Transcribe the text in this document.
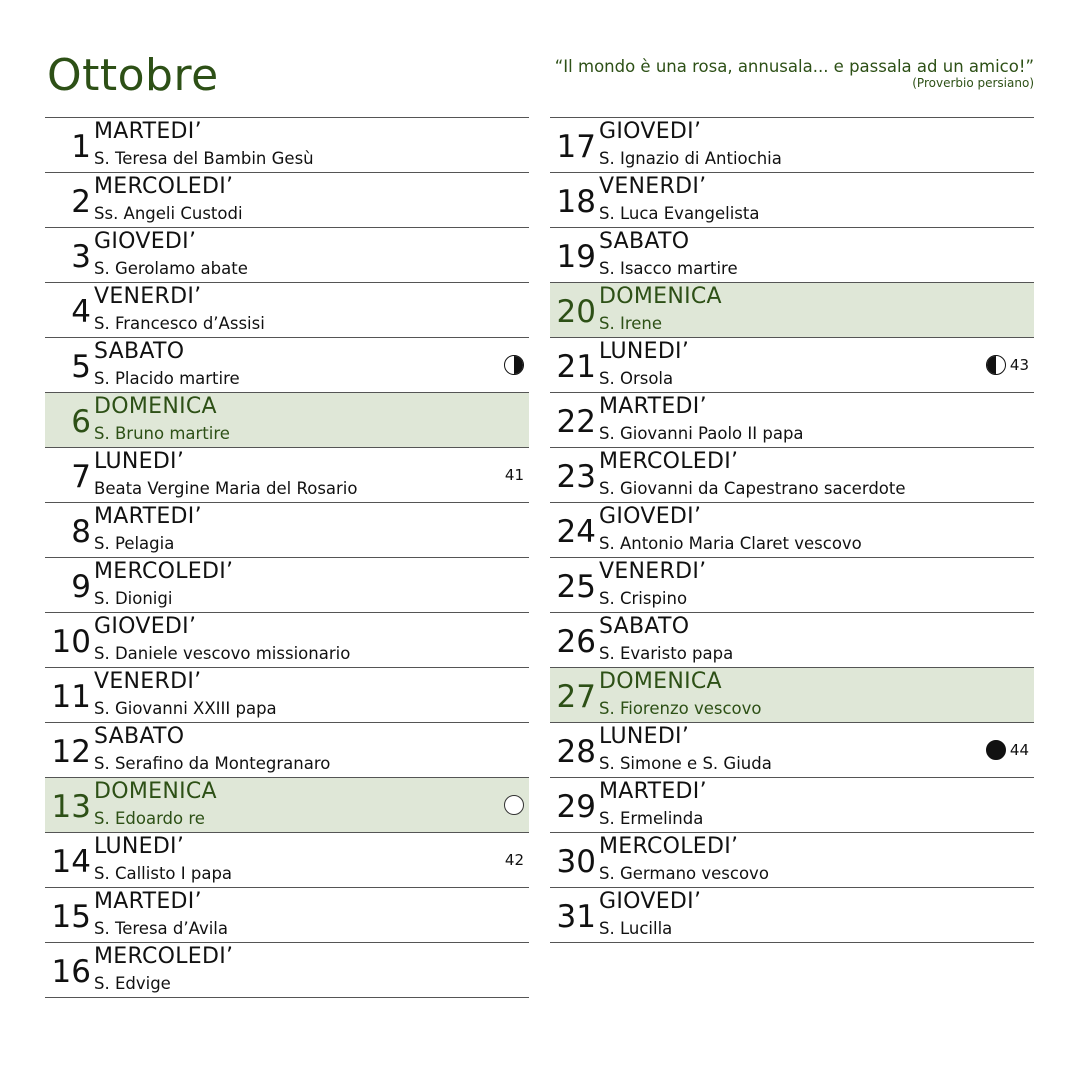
Ottobre	“Il mondo è una rosa, annusala... e passala ad un amico!”
(Proverbio persiano)
1 MARTEDI’
S. Teresa del Bambin Gesù
2 MERCOLEDI’
Ss. Angeli Custodi
3 GIOVEDI’
S. Gerolamo abate
4 VENERDI’
S. Francesco d’Assisi
5 SABATO
S. Placido martire
6 DOMENICA
S. Bruno martire
7 LUNEDI’
Beata Vergine Maria del Rosario
41
8 MARTEDI’
S. Pelagia
9 MERCOLEDI’
S. Dionigi
10 GIOVEDI’
S. Daniele vescovo missionario
11 VENERDI’
S. Giovanni XXIII papa
12 SABATO
S. Serafino da Montegranaro
13 DOMENICA
S. Edoardo re
14 LUNEDI’
S. Callisto I papa
42
15 MARTEDI’
S. Teresa d’Avila
16 MERCOLEDI’
S. Edvige
17 GIOVEDI’
S. Ignazio di Antiochia
18 VENERDI’
S. Luca Evangelista
19 SABATO
S. Isacco martire
20 DOMENICA
S. Irene
21 LUNEDI’
S. Orsola
43
22 MARTEDI’
S. Giovanni Paolo II papa
23 MERCOLEDI’
S. Giovanni da Capestrano sacerdote
24 GIOVEDI’
S. Antonio Maria Claret vescovo
25 VENERDI’
S. Crispino
26 SABATO
S. Evaristo papa
27 DOMENICA
S. Fiorenzo vescovo
28 LUNEDI’
S. Simone e S. Giuda
44
29 MARTEDI’
S. Ermelinda
30 MERCOLEDI’
S. Germano vescovo
31 GIOVEDI’
S. Lucilla
